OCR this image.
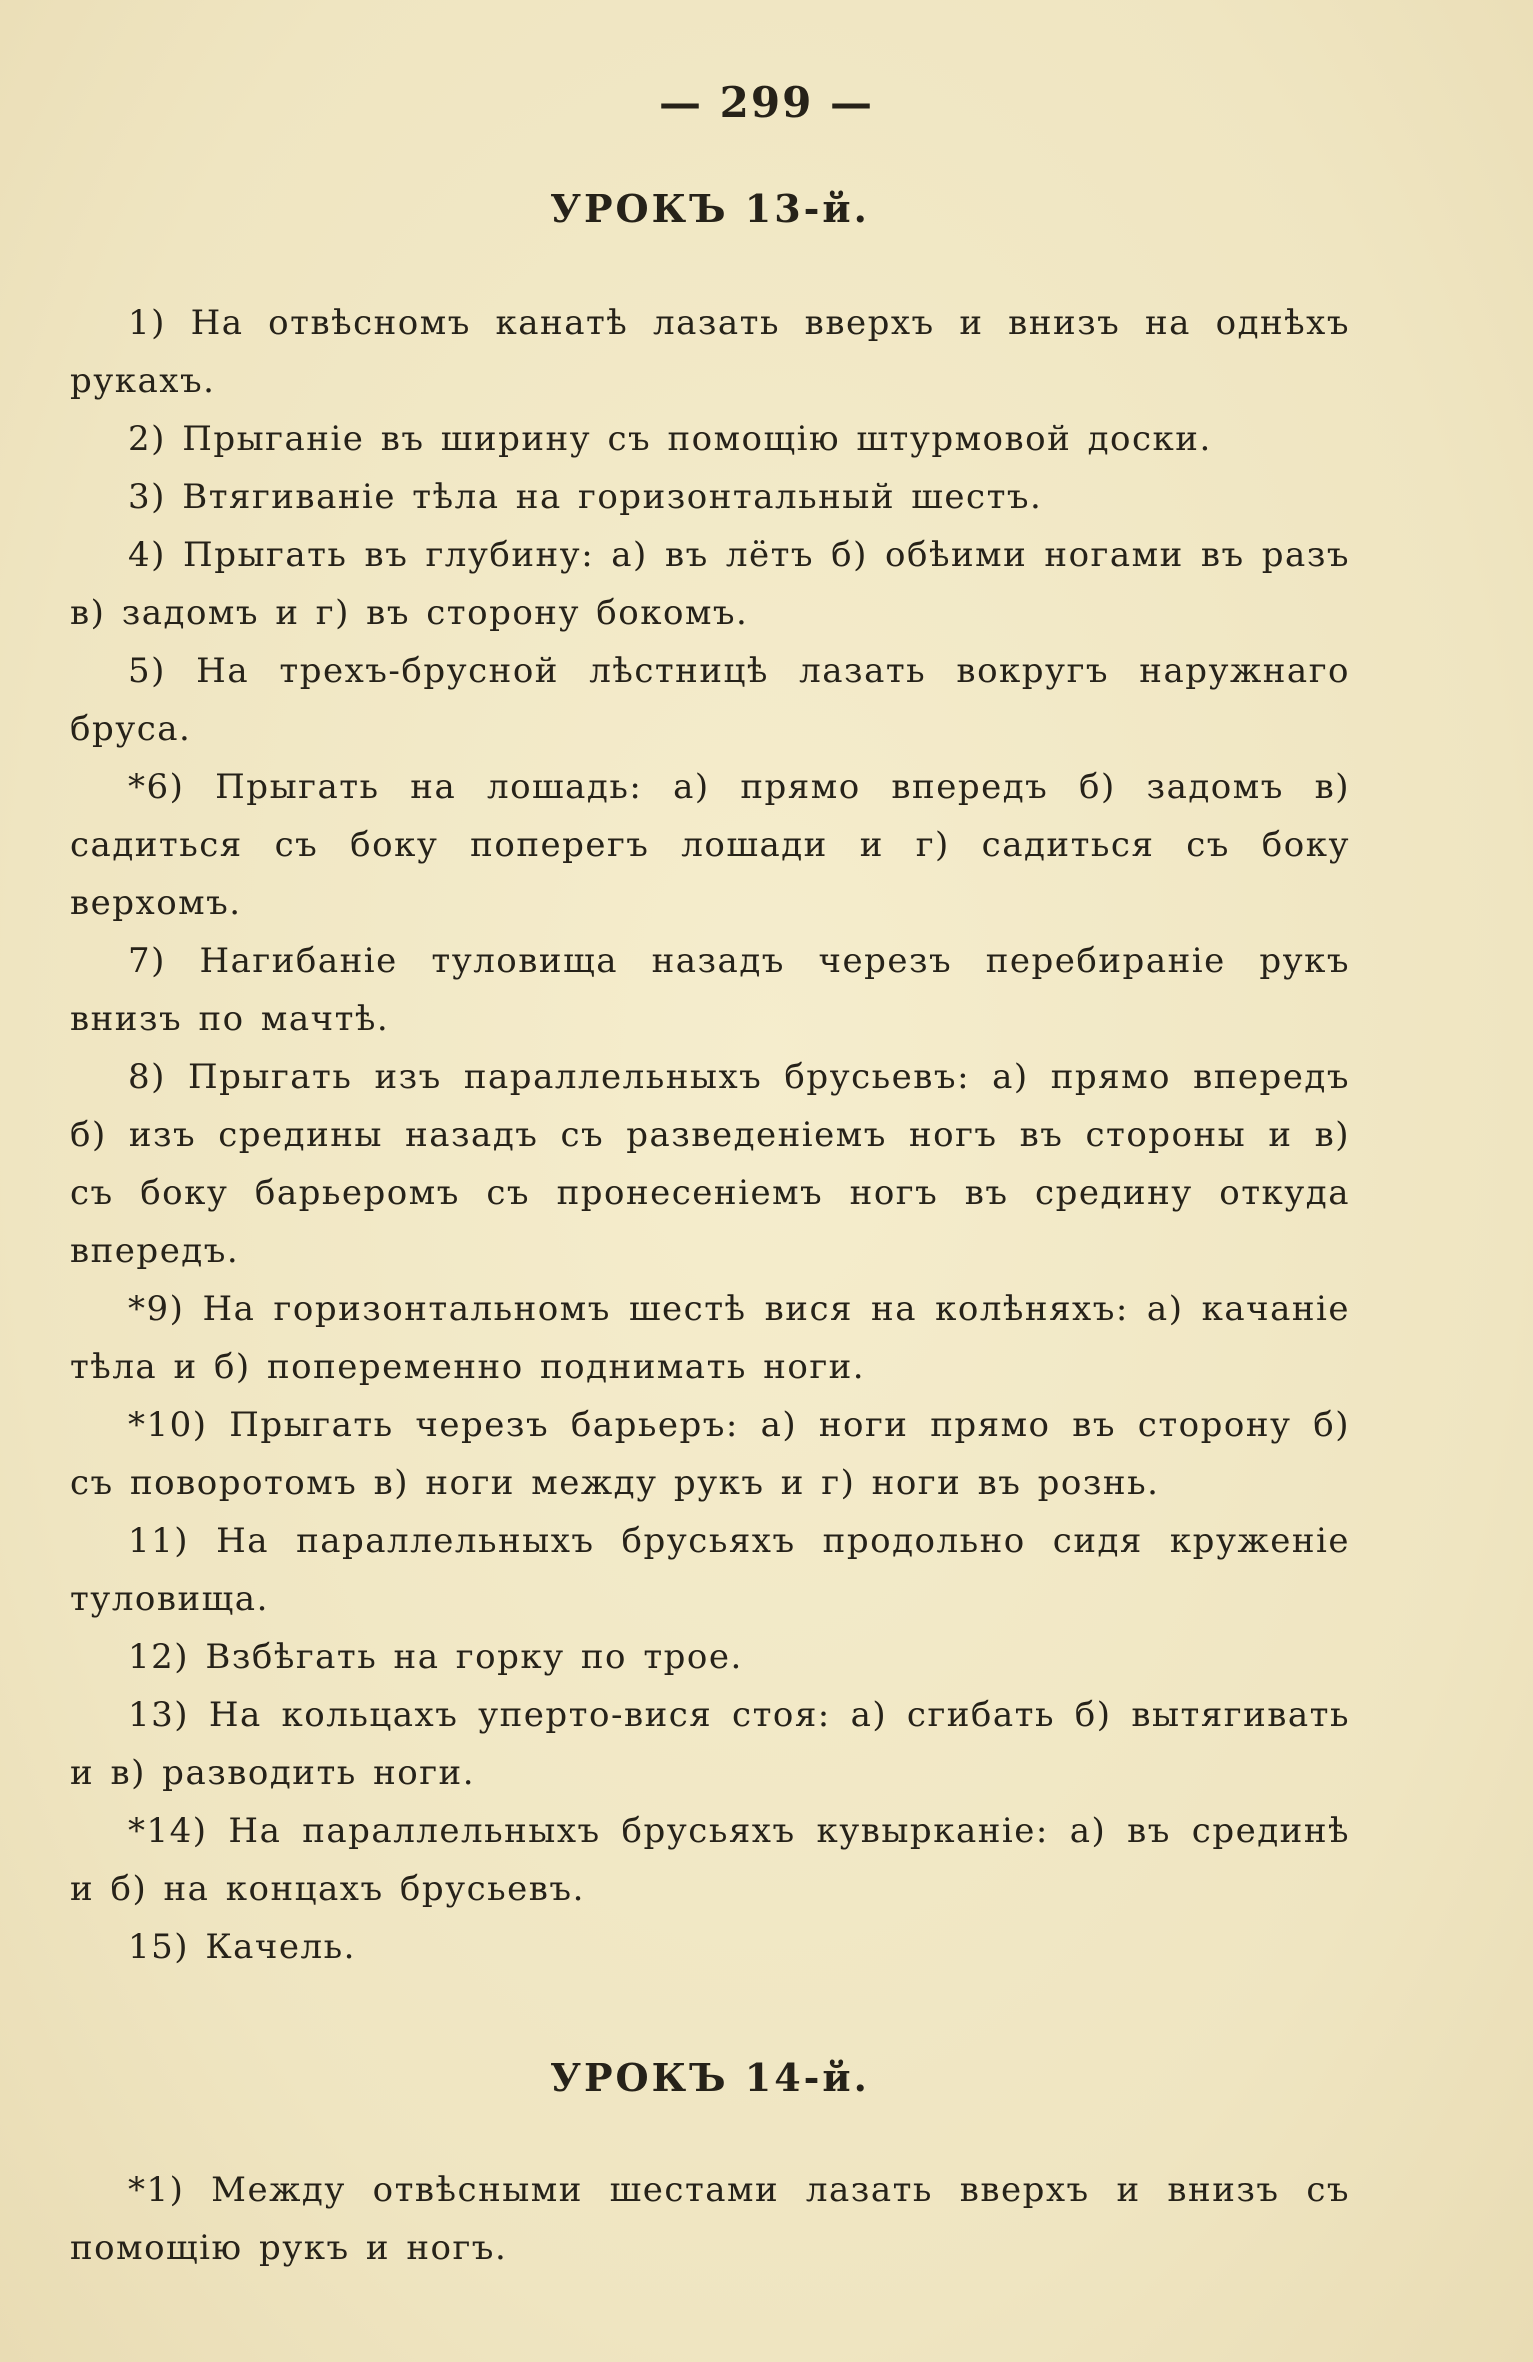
— 299 —
УРОКЪ 13-й.
1) На отвѣсномъ канатѣ лазать вверхъ и внизъ на однѣхъ рукахъ.
2) Прыганіе въ ширину съ помощію штурмовой доски.
3) Втягиваніе тѣла на горизонтальный шестъ.
4) Прыгать въ глубину: а) въ лётъ б) обѣими ногами въ разъ в) задомъ и г) въ сторону бокомъ.
5) На трехъ-брусной лѣстницѣ лазать вокругъ наружнаго бруса.
*6) Прыгать на лошадь: а) прямо впередъ б) задомъ в) садиться съ боку поперегъ лошади и г) садиться съ боку верхомъ.
7) Нагибаніе туловища назадъ черезъ перебираніе рукъ внизъ по мачтѣ.
8) Прыгать изъ параллельныхъ брусьевъ: а) прямо впередъ б) изъ средины назадъ съ разведеніемъ ногъ въ стороны и в) съ боку барьеромъ съ пронесеніемъ ногъ въ средину откуда впередъ.
*9) На горизонтальномъ шестѣ вися на колѣняхъ: а) качаніе тѣла и б) попеременно поднимать ноги.
*10) Прыгать черезъ барьеръ: а) ноги прямо въ сторону б) съ поворотомъ в) ноги между рукъ и г) ноги въ рознь.
11) На параллельныхъ брусьяхъ продольно сидя круженіе туловища.
12) Взбѣгать на горку по трое.
13) На кольцахъ уперто-вися стоя: а) сгибать б) вытягивать и в) разводить ноги.
*14) На параллельныхъ брусьяхъ кувырканіе: а) въ срединѣ и б) на концахъ брусьевъ.
15) Качель.
УРОКЪ 14-й.
*1) Между отвѣсными шестами лазать вверхъ и внизъ съ помощію рукъ и ногъ.
